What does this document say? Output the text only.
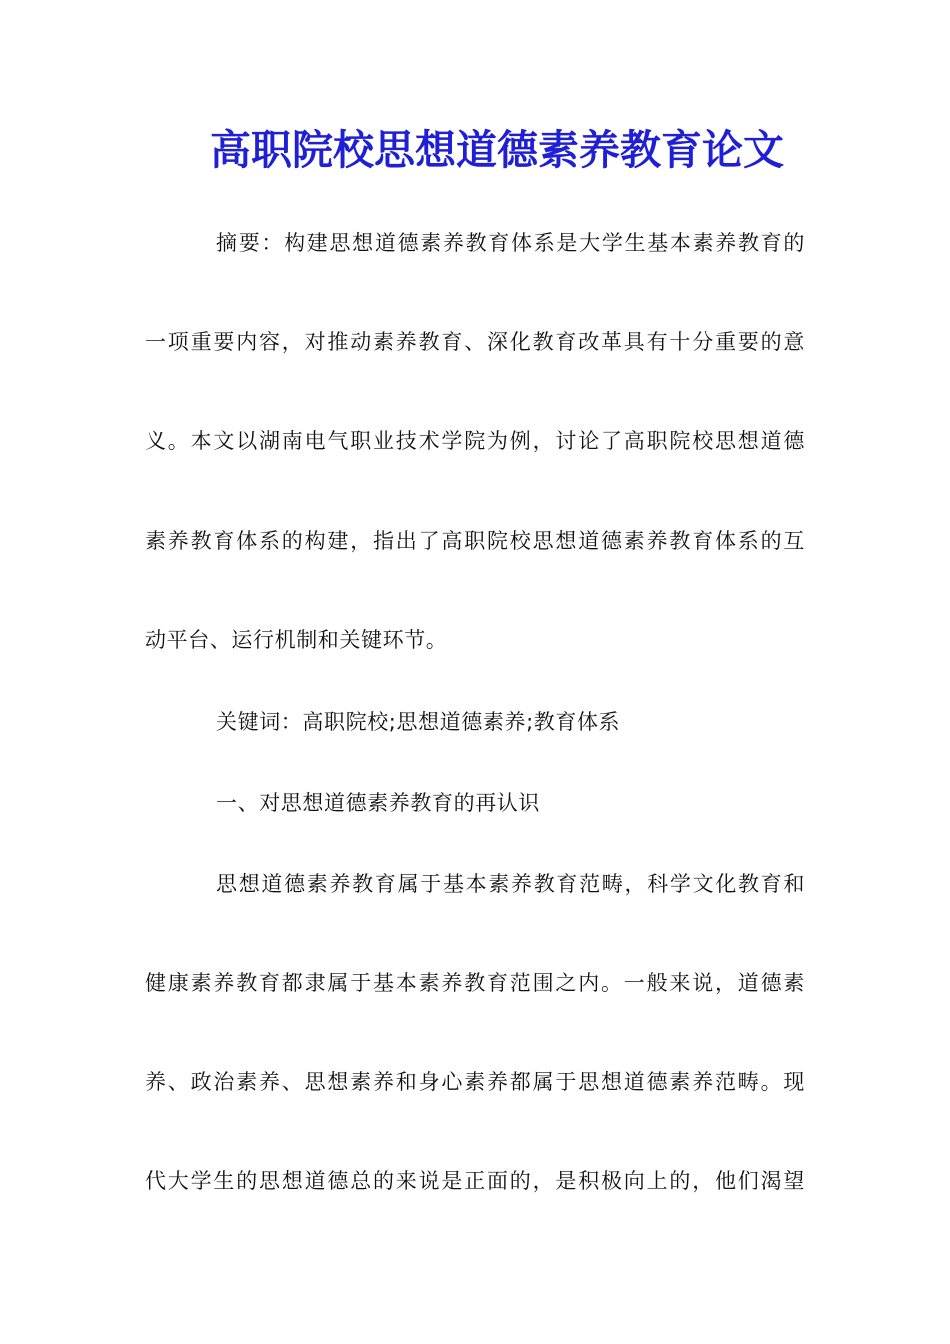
高职院校思想道德素养教育论文
摘要：构建思想道德素养教育体系是大学生基本素养教育的
一项重要内容，对推动素养教育、深化教育改革具有十分重要的意
义。本文以湖南电气职业技术学院为例，讨论了高职院校思想道德
素养教育体系的构建，指出了高职院校思想道德素养教育体系的互
动平台、运行机制和关键环节。
关键词：高职院校;思想道德素养;教育体系
一、对思想道德素养教育的再认识
思想道德素养教育属于基本素养教育范畴，科学文化教育和
健康素养教育都隶属于基本素养教育范围之内。一般来说，道德素
养、政治素养、思想素养和身心素养都属于思想道德素养范畴。现
代大学生的思想道德总的来说是正面的，是积极向上的，他们渴望
